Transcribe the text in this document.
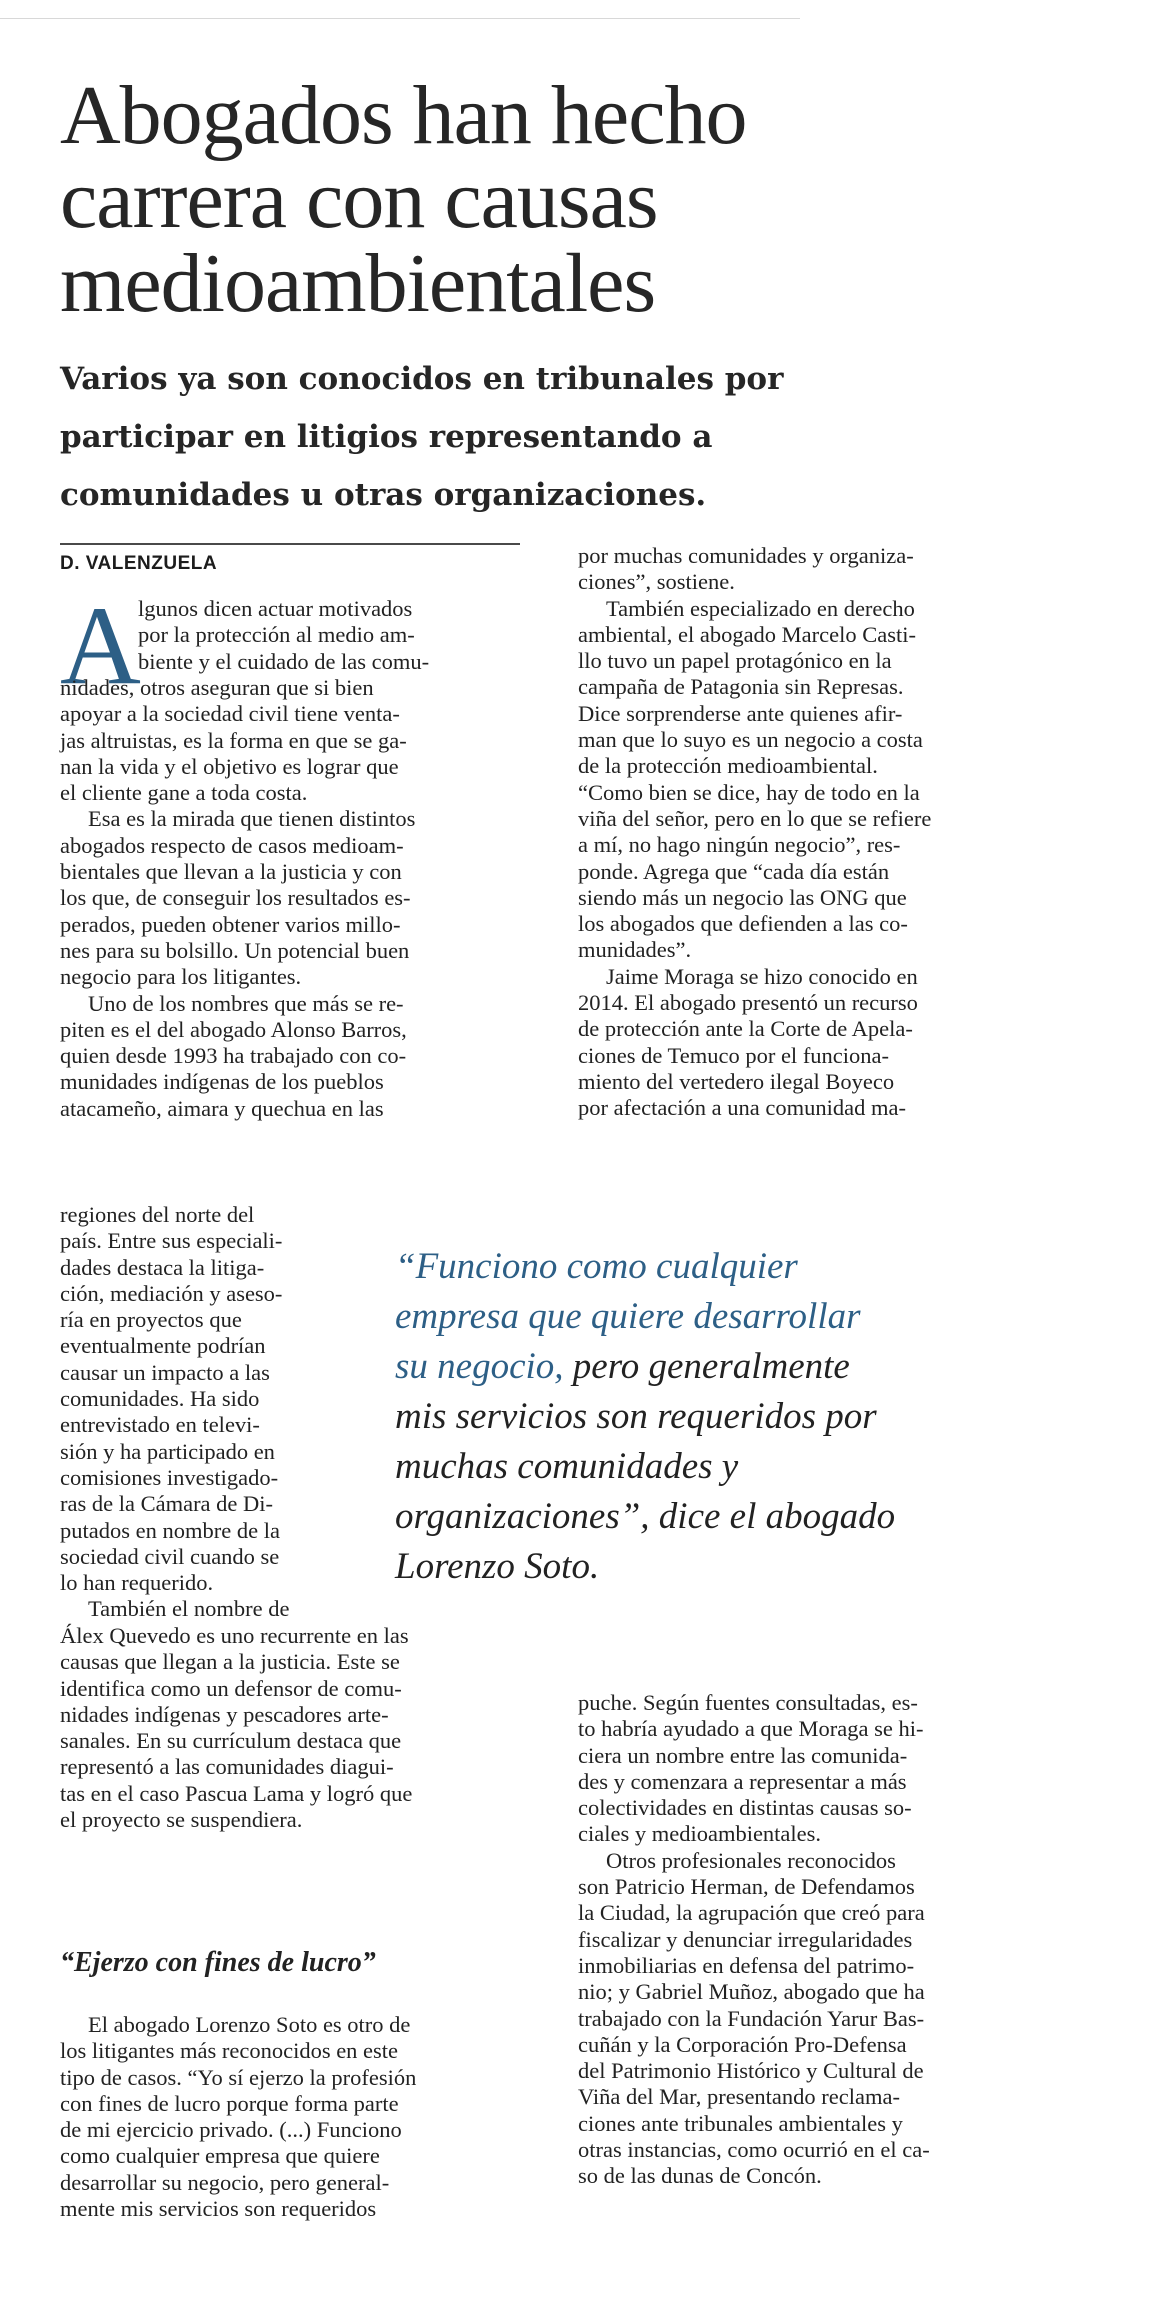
Abogados han hecho
carrera con causas
medioambientales
Varios ya son conocidos en tribunales por
participar en litigios representando a
comunidades u otras organizaciones.
D. VALENZUELA
A
lgunos dicen actuar motivados
por la protección al medio am-
biente y el cuidado de las comu-
nidades, otros aseguran que si bien
apoyar a la sociedad civil tiene venta-
jas altruistas, es la forma en que se ga-
nan la vida y el objetivo es lograr que
el cliente gane a toda costa.
Esa es la mirada que tienen distintos
abogados respecto de casos medioam-
bientales que llevan a la justicia y con
los que, de conseguir los resultados es-
perados, pueden obtener varios millo-
nes para su bolsillo. Un potencial buen
negocio para los litigantes.
Uno de los nombres que más se re-
piten es el del abogado Alonso Barros,
quien desde 1993 ha trabajado con co-
munidades indígenas de los pueblos
atacameño, aimara y quechua en las
regiones del norte del
país. Entre sus especiali-
dades destaca la litiga-
ción, mediación y aseso-
ría en proyectos que
eventualmente podrían
causar un impacto a las
comunidades. Ha sido
entrevistado en televi-
sión y ha participado en
comisiones investigado-
ras de la Cámara de Di-
putados en nombre de la
sociedad civil cuando se
lo han requerido.
También el nombre de
Álex Quevedo es uno recurrente en las
causas que llegan a la justicia. Este se
identifica como un defensor de comu-
nidades indígenas y pescadores arte-
sanales. En su currículum destaca que
representó a las comunidades diagui-
tas en el caso Pascua Lama y logró que
el proyecto se suspendiera.
“Ejerzo con fines de lucro”
El abogado Lorenzo Soto es otro de
los litigantes más reconocidos en este
tipo de casos. “Yo sí ejerzo la profesión
con fines de lucro porque forma parte
de mi ejercicio privado. (...) Funciono
como cualquier empresa que quiere
desarrollar su negocio, pero general-
mente mis servicios son requeridos
por muchas comunidades y organiza-
ciones”, sostiene.
También especializado en derecho
ambiental, el abogado Marcelo Casti-
llo tuvo un papel protagónico en la
campaña de Patagonia sin Represas.
Dice sorprenderse ante quienes afir-
man que lo suyo es un negocio a costa
de la protección medioambiental.
“Como bien se dice, hay de todo en la
viña del señor, pero en lo que se refiere
a mí, no hago ningún negocio”, res-
ponde. Agrega que “cada día están
siendo más un negocio las ONG que
los abogados que defienden a las co-
munidades”.
Jaime Moraga se hizo conocido en
2014. El abogado presentó un recurso
de protección ante la Corte de Apela-
ciones de Temuco por el funciona-
miento del vertedero ilegal Boyeco
por afectación a una comunidad ma-
“Funciono como cualquier
empresa que quiere desarrollar
su negocio, pero generalmente
mis servicios son requeridos por
muchas comunidades y
organizaciones”, dice el abogado
Lorenzo Soto.
puche. Según fuentes consultadas, es-
to habría ayudado a que Moraga se hi-
ciera un nombre entre las comunida-
des y comenzara a representar a más
colectividades en distintas causas so-
ciales y medioambientales.
Otros profesionales reconocidos
son Patricio Herman, de Defendamos
la Ciudad, la agrupación que creó para
fiscalizar y denunciar irregularidades
inmobiliarias en defensa del patrimo-
nio; y Gabriel Muñoz, abogado que ha
trabajado con la Fundación Yarur Bas-
cuñán y la Corporación Pro-Defensa
del Patrimonio Histórico y Cultural de
Viña del Mar, presentando reclama-
ciones ante tribunales ambientales y
otras instancias, como ocurrió en el ca-
so de las dunas de Concón.
